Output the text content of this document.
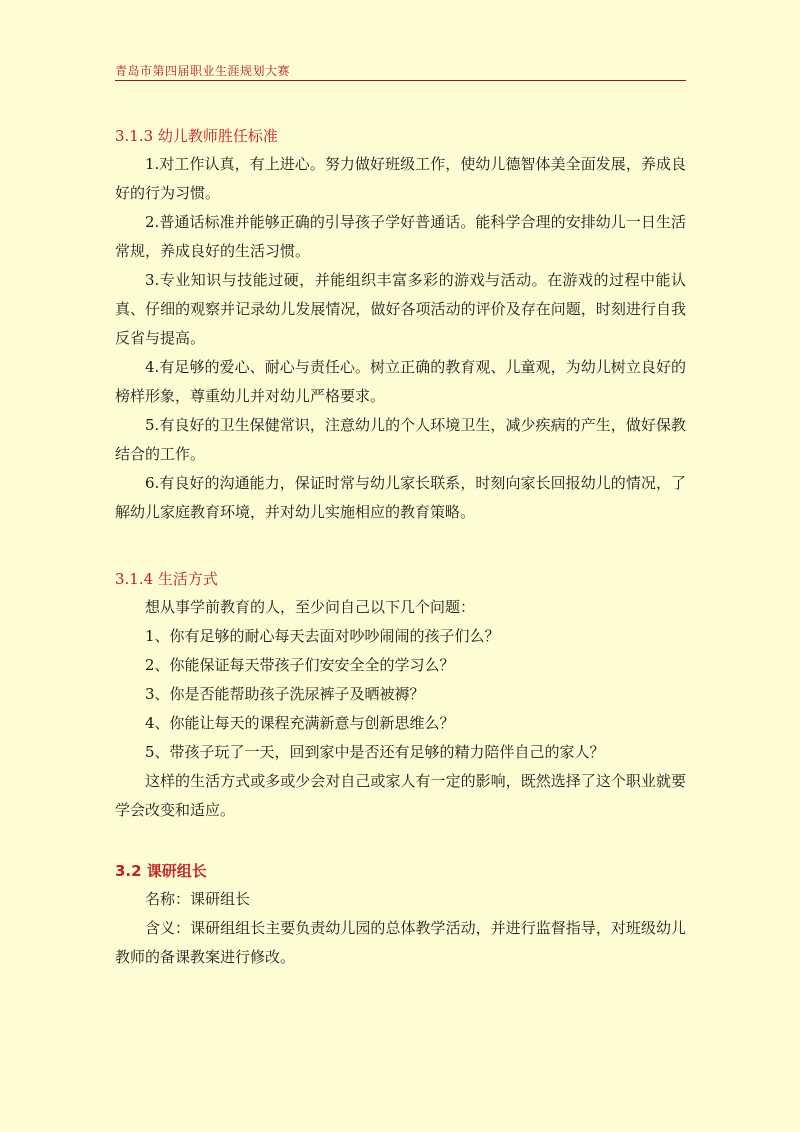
青岛市第四届职业生涯规划大赛
3.1.3 幼儿教师胜任标准

1.对工作认真，有上进心。努力做好班级工作，使幼儿德智体美全面发展，养成良好的行为习惯。

2.普通话标准并能够正确的引导孩子学好普通话。能科学合理的安排幼儿一日生活常规，养成良好的生活习惯。

3.专业知识与技能过硬，并能组织丰富多彩的游戏与活动。在游戏的过程中能认真、仔细的观察并记录幼儿发展情况，做好各项活动的评价及存在问题，时刻进行自我反省与提高。

4.有足够的爱心、耐心与责任心。树立正确的教育观、儿童观，为幼儿树立良好的榜样形象，尊重幼儿并对幼儿严格要求。

5.有良好的卫生保健常识，注意幼儿的个人环境卫生，减少疾病的产生，做好保教结合的工作。

6.有良好的沟通能力，保证时常与幼儿家长联系，时刻向家长回报幼儿的情况，了解幼儿家庭教育环境，并对幼儿实施相应的教育策略。

3.1.4 生活方式

想从事学前教育的人，至少问自己以下几个问题：

1、你有足够的耐心每天去面对吵吵闹闹的孩子们么？

2、你能保证每天带孩子们安安全全的学习么？

3、你是否能帮助孩子洗尿裤子及晒被褥？

4、你能让每天的课程充满新意与创新思维么？

5、带孩子玩了一天，回到家中是否还有足够的精力陪伴自己的家人？

这样的生活方式或多或少会对自己或家人有一定的影响，既然选择了这个职业就要学会改变和适应。

3.2 课研组长

名称：课研组长

含义：课研组组长主要负责幼儿园的总体教学活动，并进行监督指导，对班级幼儿教师的备课教案进行修改。
